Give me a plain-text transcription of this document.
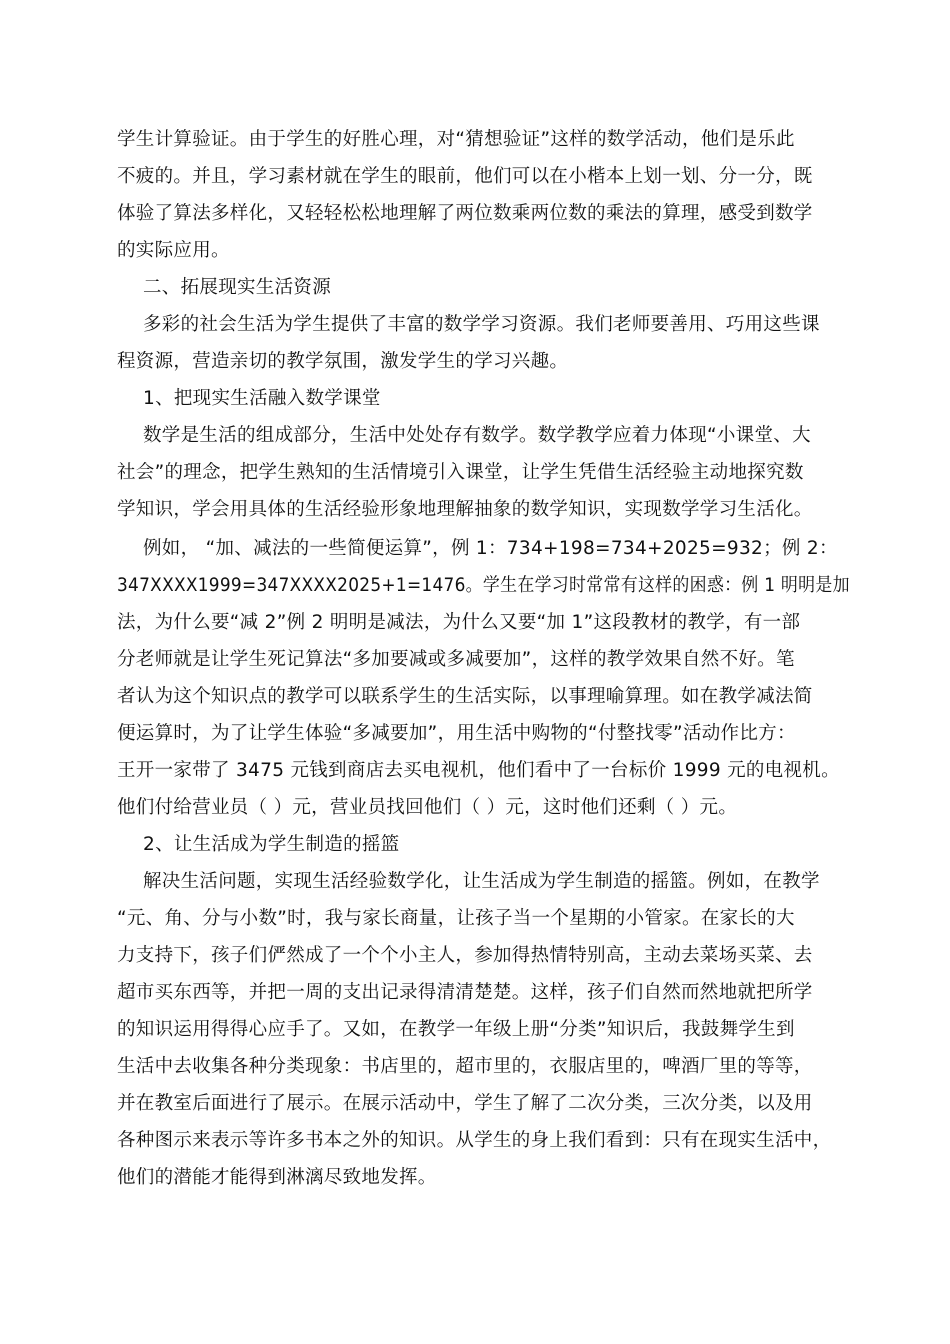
学生计算验证。由于学生的好胜心理，对“猜想验证”这样的数学活动，他们是乐此
不疲的。并且，学习素材就在学生的眼前，他们可以在小楷本上划一划、分一分，既
体验了算法多样化，又轻轻松松地理解了两位数乘两位数的乘法的算理，感受到数学
的实际应用。
二、拓展现实生活资源
多彩的社会生活为学生提供了丰富的数学学习资源。我们老师要善用、巧用这些课
程资源，营造亲切的教学氛围，激发学生的学习兴趣。
1、把现实生活融入数学课堂
数学是生活的组成部分，生活中处处存有数学。数学教学应着力体现“小课堂、大
社会”的理念，把学生熟知的生活情境引入课堂，让学生凭借生活经验主动地探究数
学知识，学会用具体的生活经验形象地理解抽象的数学知识，实现数学学习生活化。
例如， “加、减法的一些简便运算”，例 1：734+198=734+2025=932；例 2：
347XXXX1999=347XXXX2025+1=1476。学生在学习时常常有这样的困惑：例 1 明明是加
法，为什么要“减 2”例 2 明明是减法，为什么又要“加 1”这段教材的教学，有一部
分老师就是让学生死记算法“多加要减或多减要加”，这样的教学效果自然不好。笔
者认为这个知识点的教学可以联系学生的生活实际，以事理喻算理。如在教学减法简
便运算时，为了让学生体验“多减要加”，用生活中购物的“付整找零”活动作比方：
王开一家带了 3475 元钱到商店去买电视机，他们看中了一台标价 1999 元的电视机。
他们付给营业员（ ）元，营业员找回他们（ ）元，这时他们还剩（ ）元。
2、让生活成为学生制造的摇篮
解决生活问题，实现生活经验数学化，让生活成为学生制造的摇篮。例如，在教学
“元、角、分与小数”时，我与家长商量，让孩子当一个星期的小管家。在家长的大
力支持下，孩子们俨然成了一个个小主人，参加得热情特别高，主动去菜场买菜、去
超市买东西等，并把一周的支出记录得清清楚楚。这样，孩子们自然而然地就把所学
的知识运用得得心应手了。又如，在教学一年级上册“分类”知识后，我鼓舞学生到
生活中去收集各种分类现象：书店里的，超市里的，衣服店里的，啤酒厂里的等等，
并在教室后面进行了展示。在展示活动中，学生了解了二次分类，三次分类，以及用
各种图示来表示等许多书本之外的知识。从学生的身上我们看到：只有在现实生活中，
他们的潜能才能得到淋漓尽致地发挥。
